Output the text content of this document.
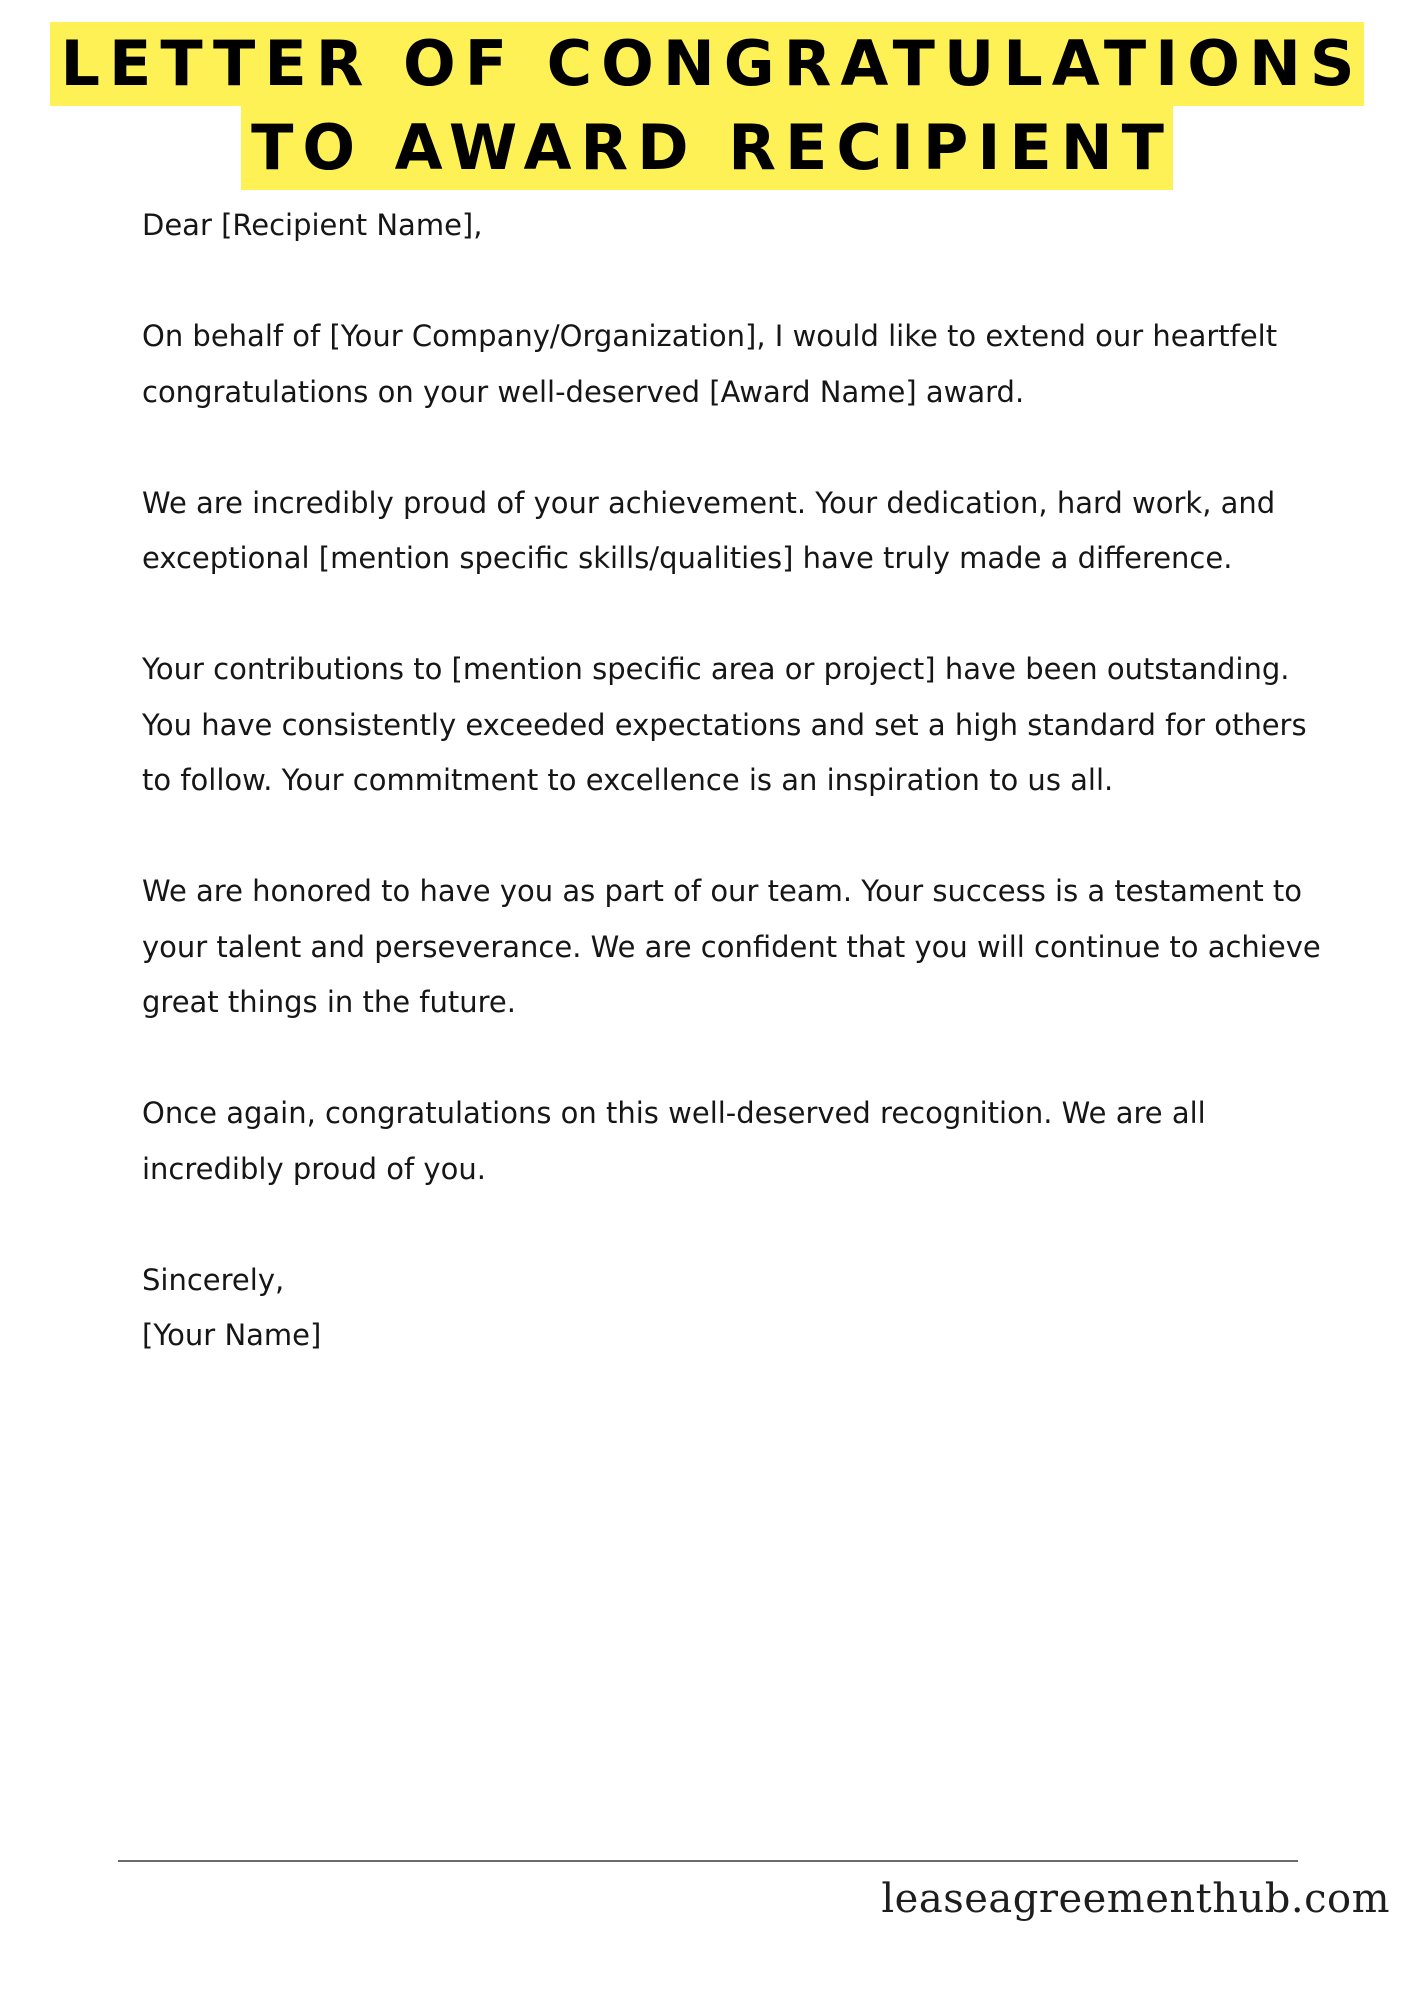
LETTER OF CONGRATULATIONS
TO AWARD RECIPIENT

Dear [Recipient Name],

On behalf of [Your Company/Organization], I would like to extend our heartfelt congratulations on your well-deserved [Award Name] award.

We are incredibly proud of your achievement. Your dedication, hard work, and exceptional [mention specific skills/qualities] have truly made a difference.

Your contributions to [mention specific area or project] have been outstanding. You have consistently exceeded expectations and set a high standard for others to follow. Your commitment to excellence is an inspiration to us all.

We are honored to have you as part of our team. Your success is a testament to your talent and perseverance. We are confident that you will continue to achieve great things in the future.

Once again, congratulations on this well-deserved recognition. We are all incredibly proud of you.

Sincerely,

[Your Name]

leaseagreementhub.com
